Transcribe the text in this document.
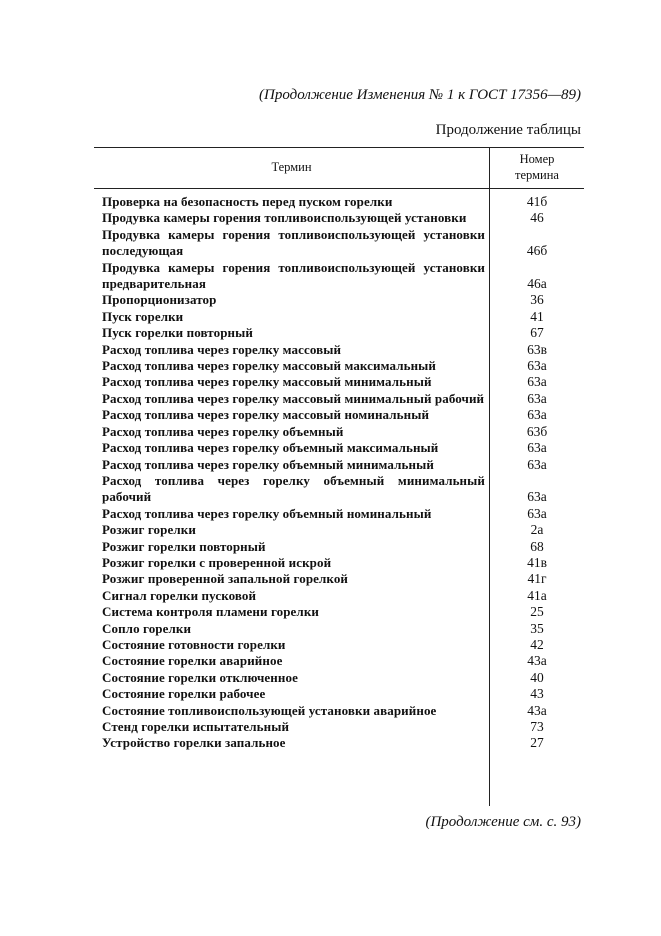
(Продолжение Изменения № 1 к ГОСТ 17356—89)
Продолжение таблицы
Термин
Номер
термина
Проверка на безопасность перед пуском горелки	41б
Продувка камеры горения топливоиспользующей установки	46
Продувка камеры горения топливоиспользующей установки последующая	46б
Продувка камеры горения топливоиспользующей установки предварительная	46а
Пропорционизатор	36
Пуск горелки	41
Пуск горелки повторный	67
Расход топлива через горелку массовый	63в
Расход топлива через горелку массовый максимальный	63а
Расход топлива через горелку массовый минимальный	63а
Расход топлива через горелку массовый минимальный рабочий	63а
Расход топлива через горелку массовый номинальный	63а
Расход топлива через горелку объемный	63б
Расход топлива через горелку объемный максимальный	63а
Расход топлива через горелку объемный минимальный	63а
Расход топлива через горелку объемный минимальный рабочий	63а
Расход топлива через горелку объемный номинальный	63а
Розжиг горелки	2а
Розжиг горелки повторный	68
Розжиг горелки с проверенной искрой	41в
Розжиг проверенной запальной горелкой	41г
Сигнал горелки пусковой	41а
Система контроля пламени горелки	25
Сопло горелки	35
Состояние готовности горелки	42
Состояние горелки аварийное	43а
Состояние горелки отключенное	40
Состояние горелки рабочее	43
Состояние топливоиспользующей установки аварийное	43а
Стенд горелки испытательный	73
Устройство горелки запальное	27
(Продолжение см. с. 93)
